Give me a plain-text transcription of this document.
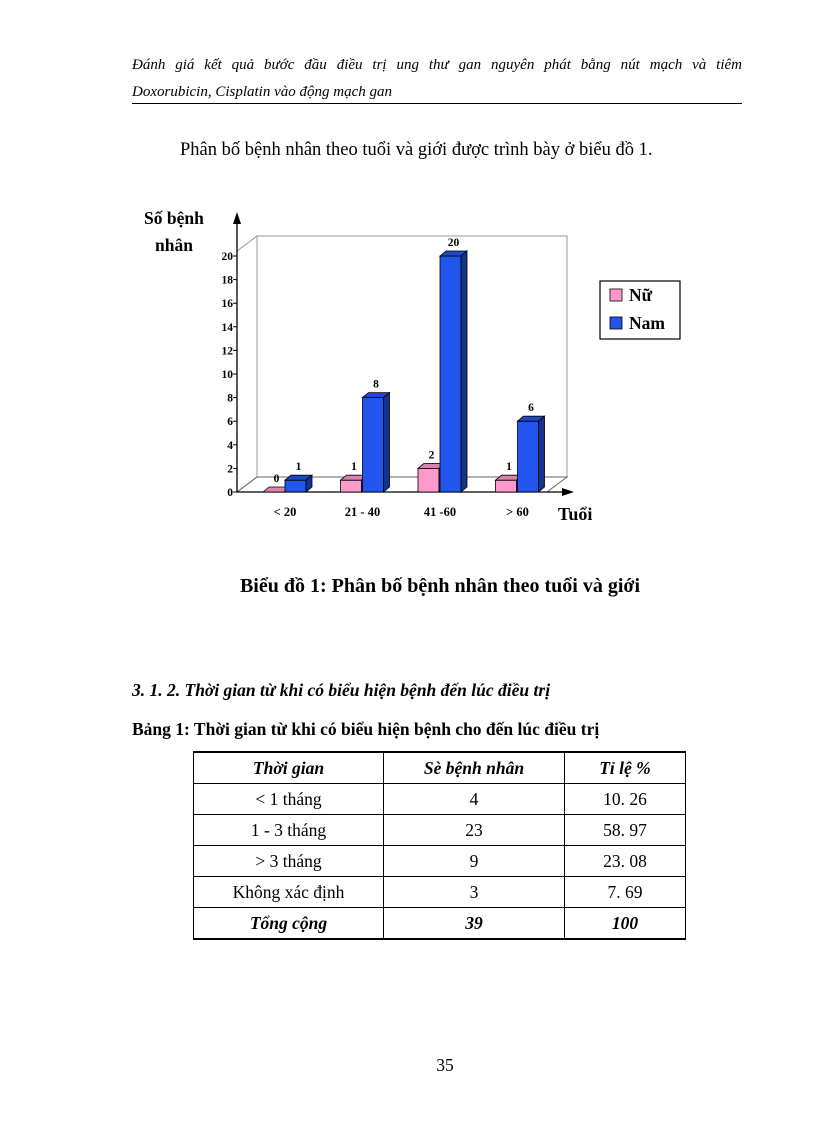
Đánh giá kết quả bước đầu điều trị ung thư gan nguyên phát bằng nút mạch và tiêm
Doxorubicin, Cisplatin vào động mạch gan
Phân bố bệnh nhân theo tuổi và giới được trình bày ở biểu đồ 1.
0
2
4
6
8
10
12
14
16
18
20
Số bệnh
nhân
Tuổi
0
1
< 20
1
8
21 - 40
2
20
41 -60
1
6
> 60
Nữ
Nam
Biểu đồ 1: Phân bố bệnh nhân theo tuổi và giới
3. 1. 2. Thời gian từ khi có biểu hiện bệnh đến lúc điều trị
Bảng 1: Thời gian từ khi có biểu hiện bệnh cho đến lúc điều trị
Thời gian	Sè bệnh nhân	Tỉ lệ %
< 1 tháng	4	10. 26
1 - 3 tháng	23	58. 97
> 3 tháng	9	23. 08
Không xác định	3	7. 69
Tổng cộng	39	100
35
